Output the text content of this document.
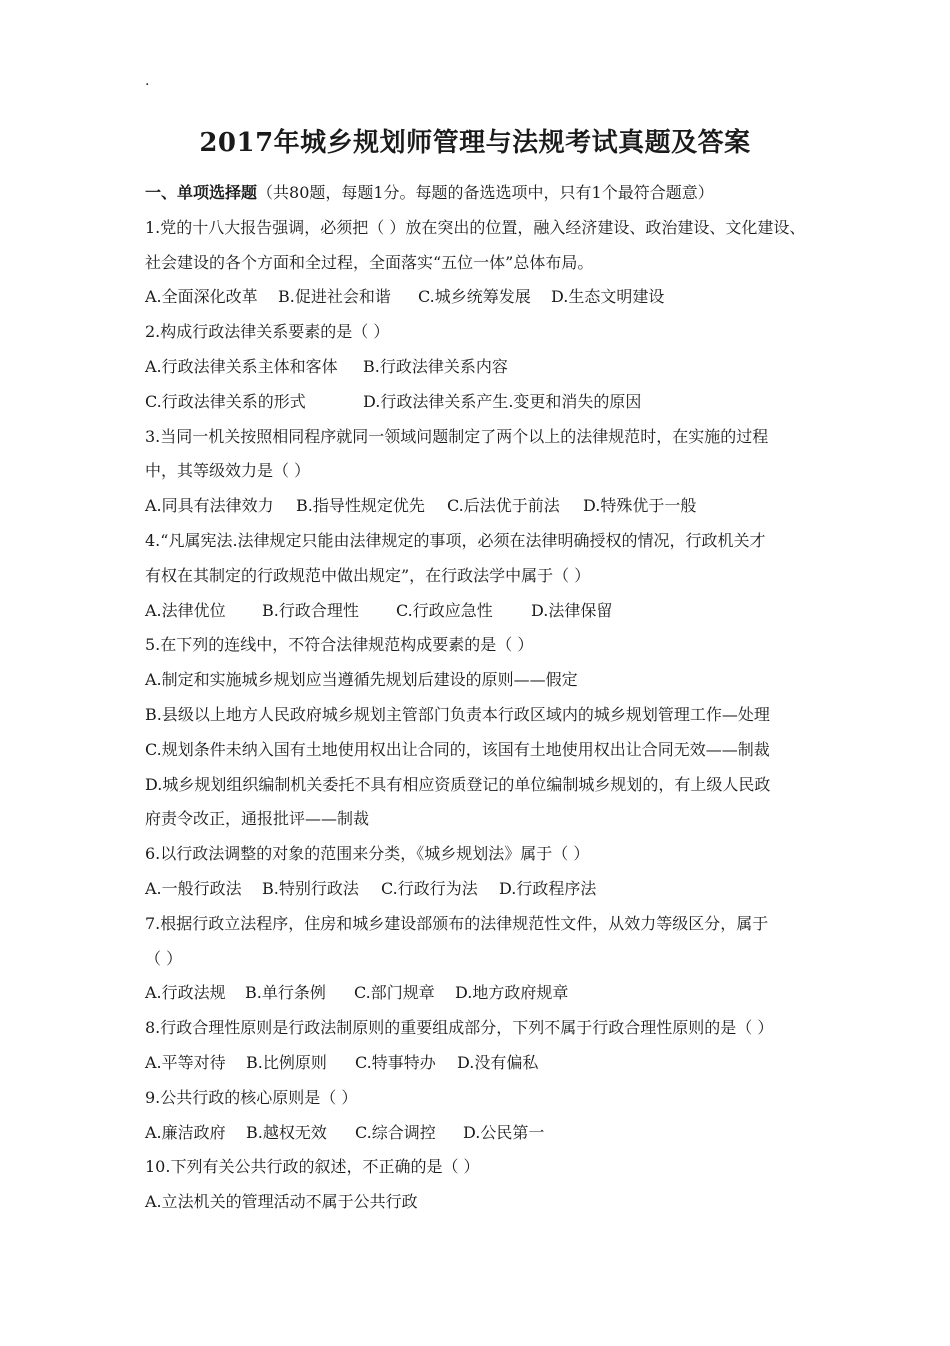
.
2017年城乡规划师管理与法规考试真题及答案
一、单项选择题（共80题，每题1分。每题的备选选项中，只有1个最符合题意）
1.党的十八大报告强调，必须把（ ）放在突出的位置，融入经济建设、政治建设、文化建设、
社会建设的各个方面和全过程，全面落实“五位一体”总体布局。
A.全面深化改革 B.促进社会和谐 C.城乡统筹发展 D.生态文明建设
2.构成行政法律关系要素的是（ ）
A.行政法律关系主体和客体 B.行政法律关系内容
C.行政法律关系的形式	D.行政法律关系产生.变更和消失的原因
3.当同一机关按照相同程序就同一领域问题制定了两个以上的法律规范时，在实施的过程
中，其等级效力是（ ）
A.同具有法律效力 B.指导性规定优先 C.后法优于前法 D.特殊优于一般
4.“凡属宪法.法律规定只能由法律规定的事项，必须在法律明确授权的情况，行政机关才
有权在其制定的行政规范中做出规定”，在行政法学中属于（ ）
A.法律优位 B.行政合理性 C.行政应急性 D.法律保留
5.在下列的连线中，不符合法律规范构成要素的是（ ）
A.制定和实施城乡规划应当遵循先规划后建设的原则——假定
B.县级以上地方人民政府城乡规划主管部门负责本行政区域内的城乡规划管理工作—处理
C.规划条件未纳入国有土地使用权出让合同的，该国有土地使用权出让合同无效——制裁
D.城乡规划组织编制机关委托不具有相应资质登记的单位编制城乡规划的，有上级人民政
府责令改正，通报批评——制裁
6.以行政法调整的对象的范围来分类，《城乡规划法》属于（ ）
A.一般行政法 B.特别行政法 C.行政行为法 D.行政程序法
7.根据行政立法程序，住房和城乡建设部颁布的法律规范性文件，从效力等级区分，属于
（ ）
A.行政法规 B.单行条例 C.部门规章 D.地方政府规章
8.行政合理性原则是行政法制原则的重要组成部分，下列不属于行政合理性原则的是（ ）
A.平等对待 B.比例原则 C.特事特办 D.没有偏私
9.公共行政的核心原则是（ ）
A.廉洁政府 B.越权无效 C.综合调控 D.公民第一
10.下列有关公共行政的叙述，不正确的是（ ）
A.立法机关的管理活动不属于公共行政
